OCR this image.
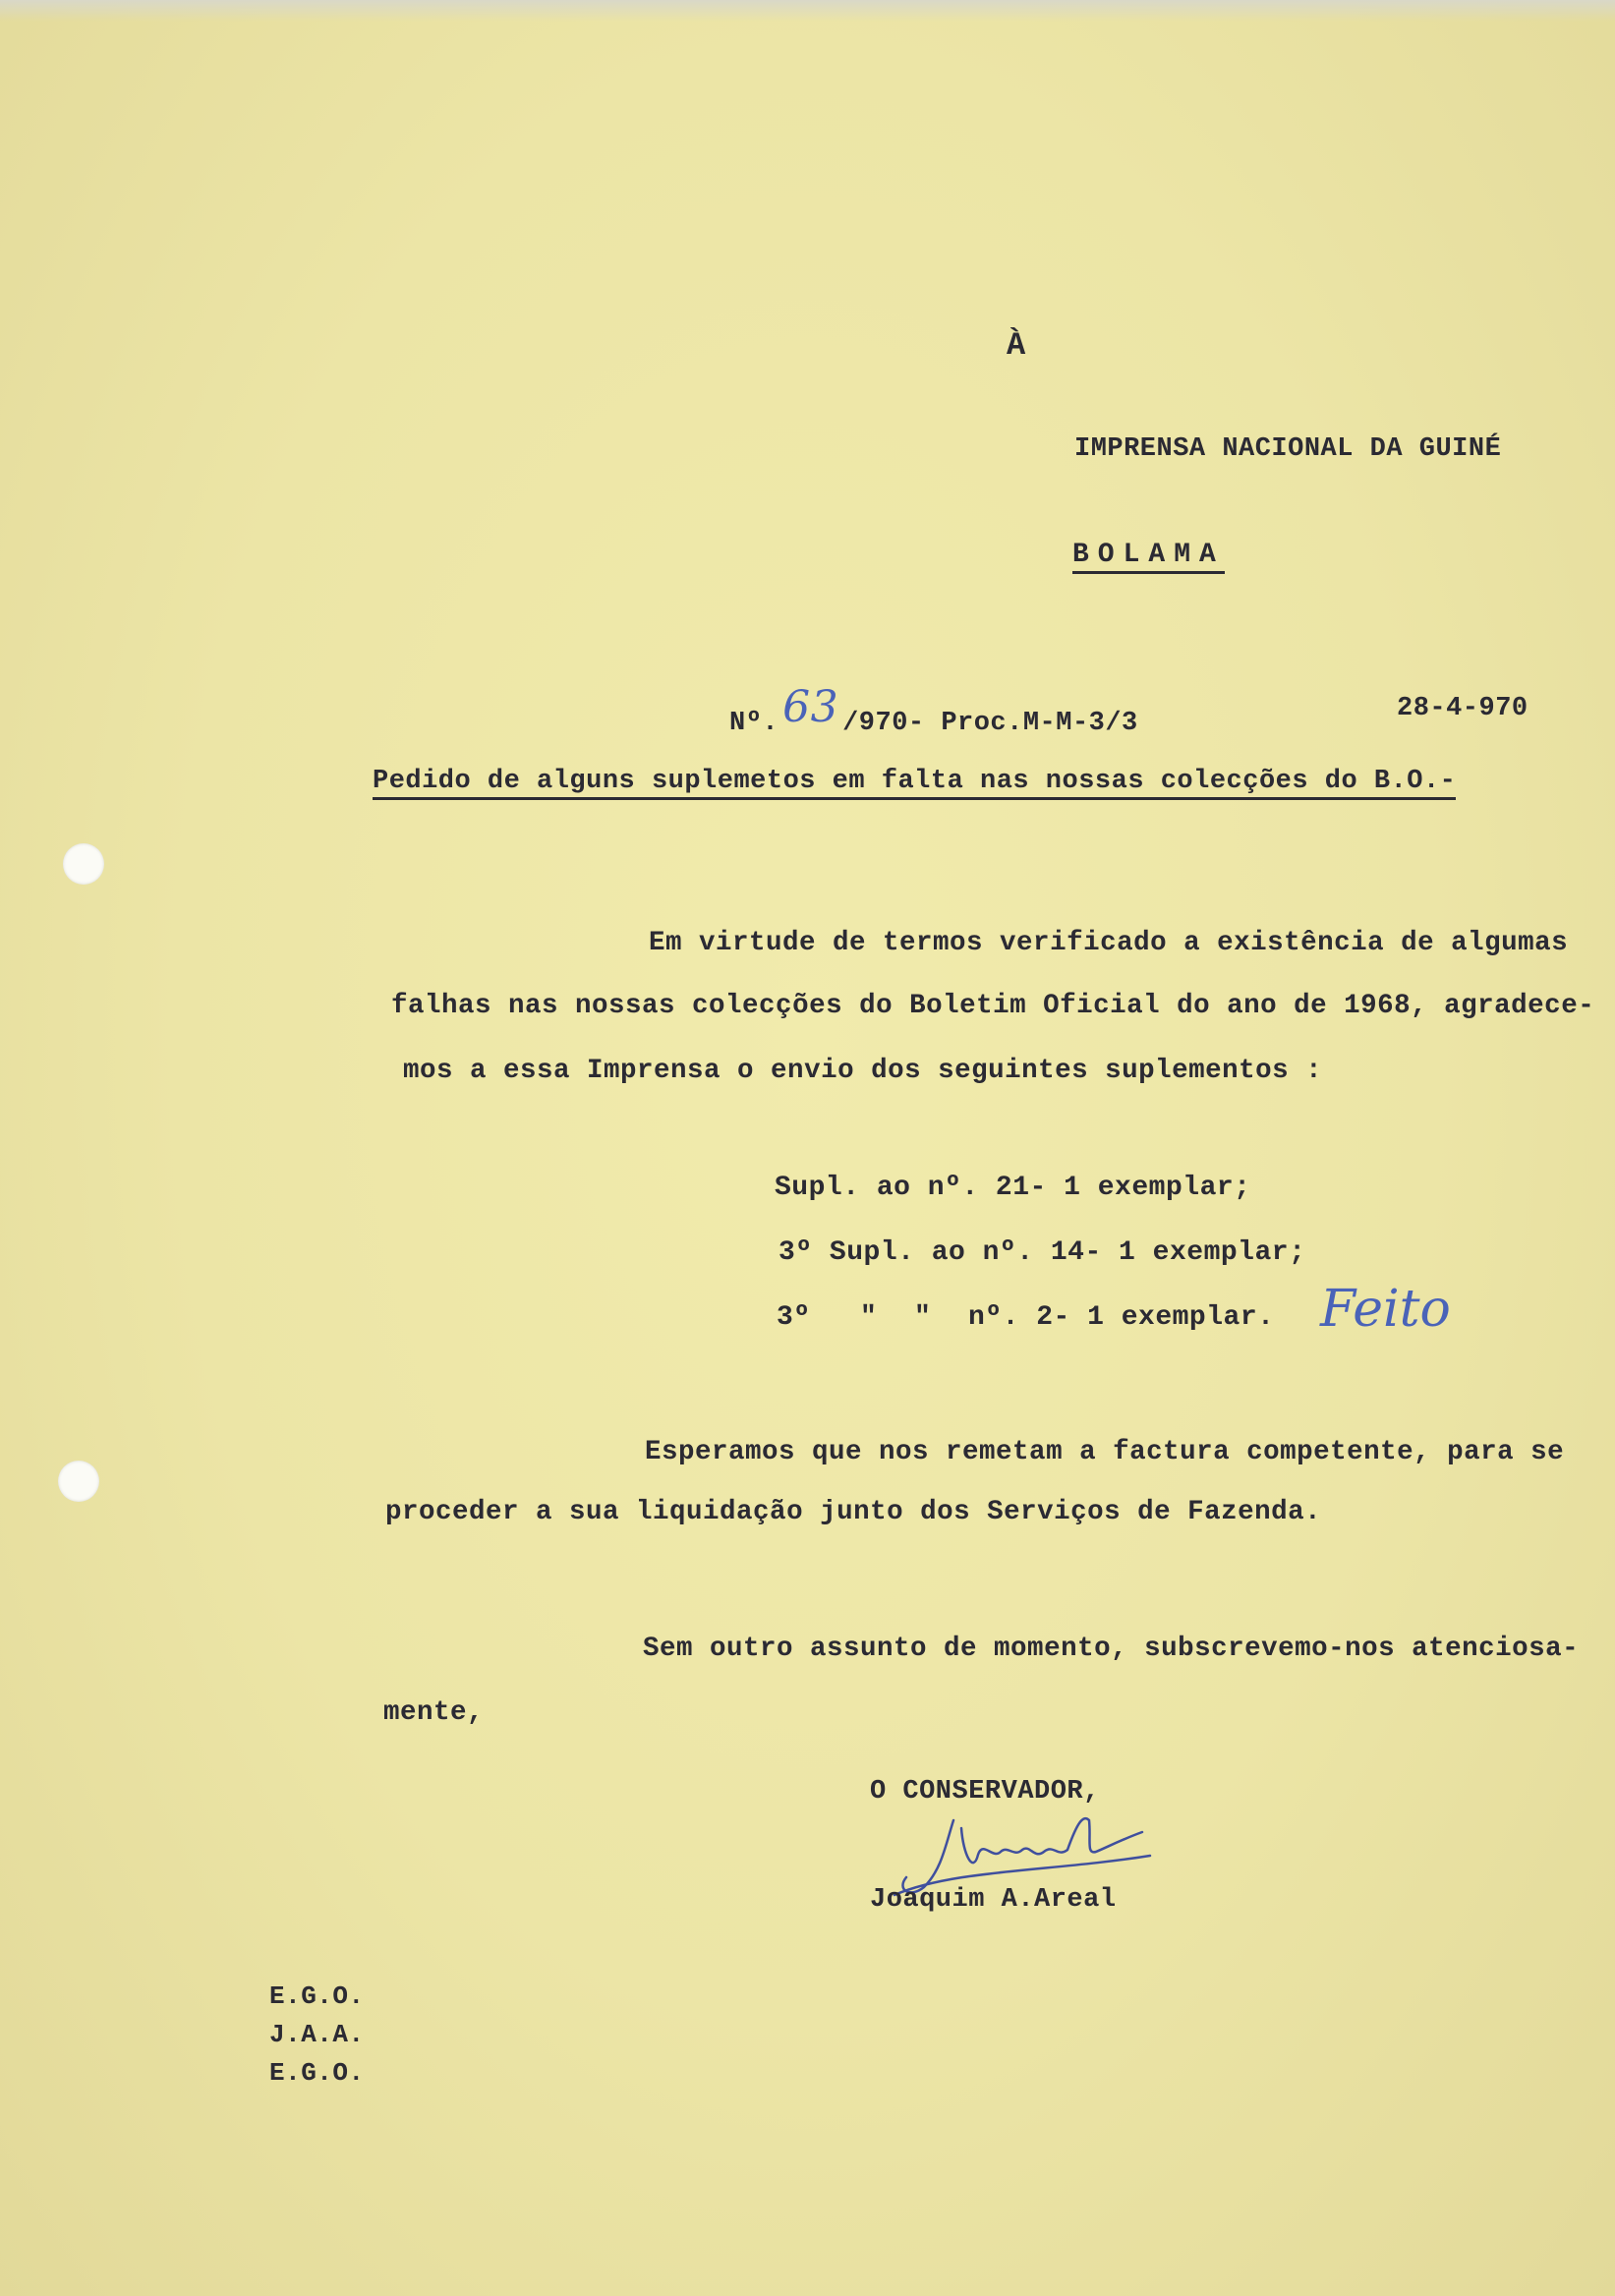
À

IMPRENSA NACIONAL DA GUINÉ

BOLAMA

Nº.63 /970- Proc.M-M-3/3	28-4-970

Pedido de alguns suplemetos em falta nas nossas colecções do B.O.-

Em virtude de termos verificado a existência de algumas

falhas nas nossas colecções do Boletim Oficial do ano de 1968, agradece-

mos a essa Imprensa o envio dos seguintes suplementos :

Supl. ao nº. 21- 1 exemplar;

3º Supl. ao nº. 14- 1 exemplar;

3º " " nº. 2- 1 exemplar. Feito

Esperamos que nos remetam a factura competente, para se

proceder a sua liquidação junto dos Serviços de Fazenda.

Sem outro assunto de momento, subscrevemo-nos atenciosa-

mente,

O CONSERVADOR,

Joaquim A.Areal

E.G.O.

J.A.A.

E.G.O.
